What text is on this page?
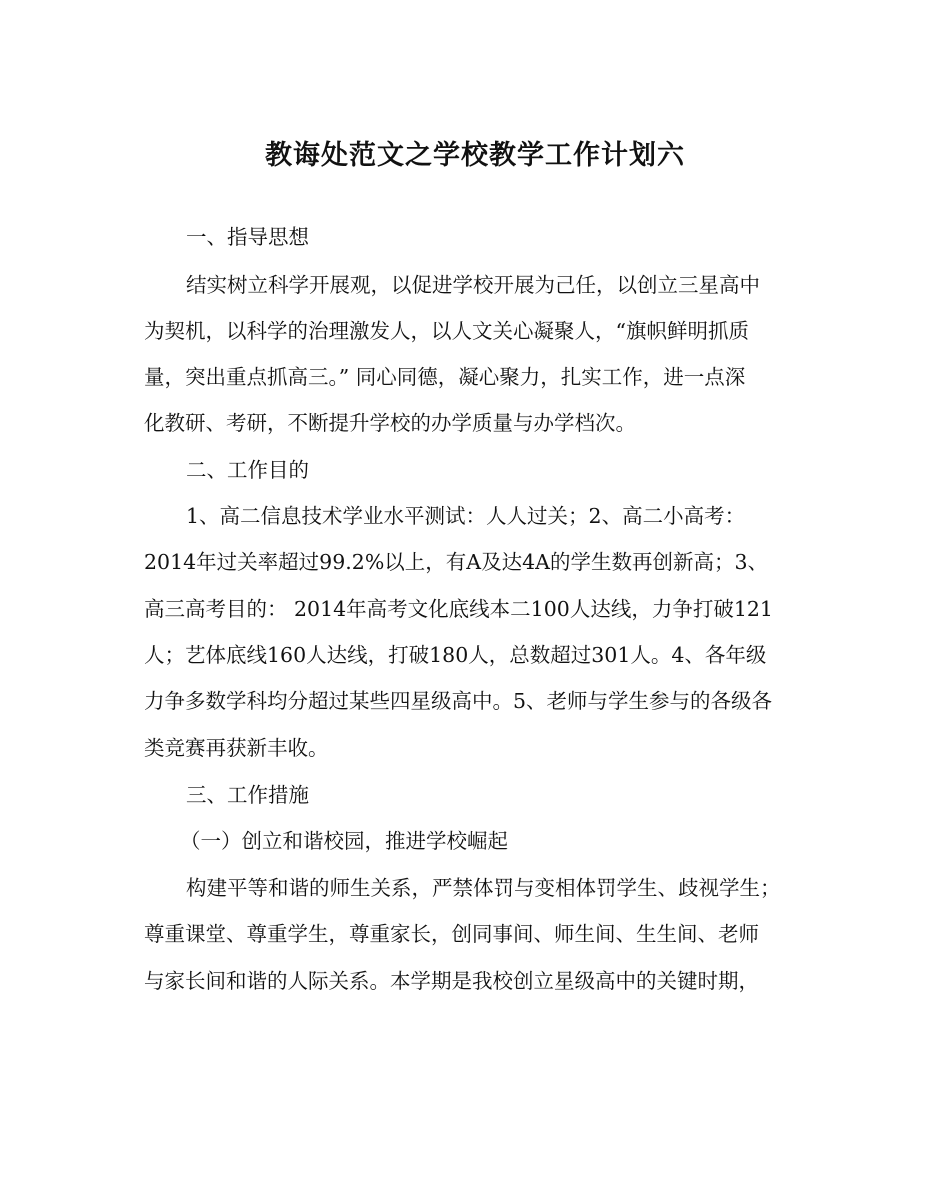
教诲处范文之学校教学工作计划六
一、指导思想
结实树立科学开展观，以促进学校开展为己任，以创立三星高中
为契机，以科学的治理激发人，以人文关心凝聚人，“旗帜鲜明抓质
量，突出重点抓高三。” 同心同德，凝心聚力，扎实工作，进一点深
化教研、考研，不断提升学校的办学质量与办学档次。
二、工作目的
1、高二信息技术学业水平测试：人人过关；2、高二小高考：
2014年过关率超过99.2%以上，有A及达4A的学生数再创新高；3、
高三高考目的： 2014年高考文化底线本二100人达线，力争打破121
人；艺体底线160人达线，打破180人，总数超过301人。4、各年级
力争多数学科均分超过某些四星级高中。5、老师与学生参与的各级各
类竞赛再获新丰收。
三、工作措施
（一）创立和谐校园，推进学校崛起
构建平等和谐的师生关系，严禁体罚与变相体罚学生、歧视学生；
尊重课堂、尊重学生，尊重家长，创同事间、师生间、生生间、老师
与家长间和谐的人际关系。本学期是我校创立星级高中的关键时期，
